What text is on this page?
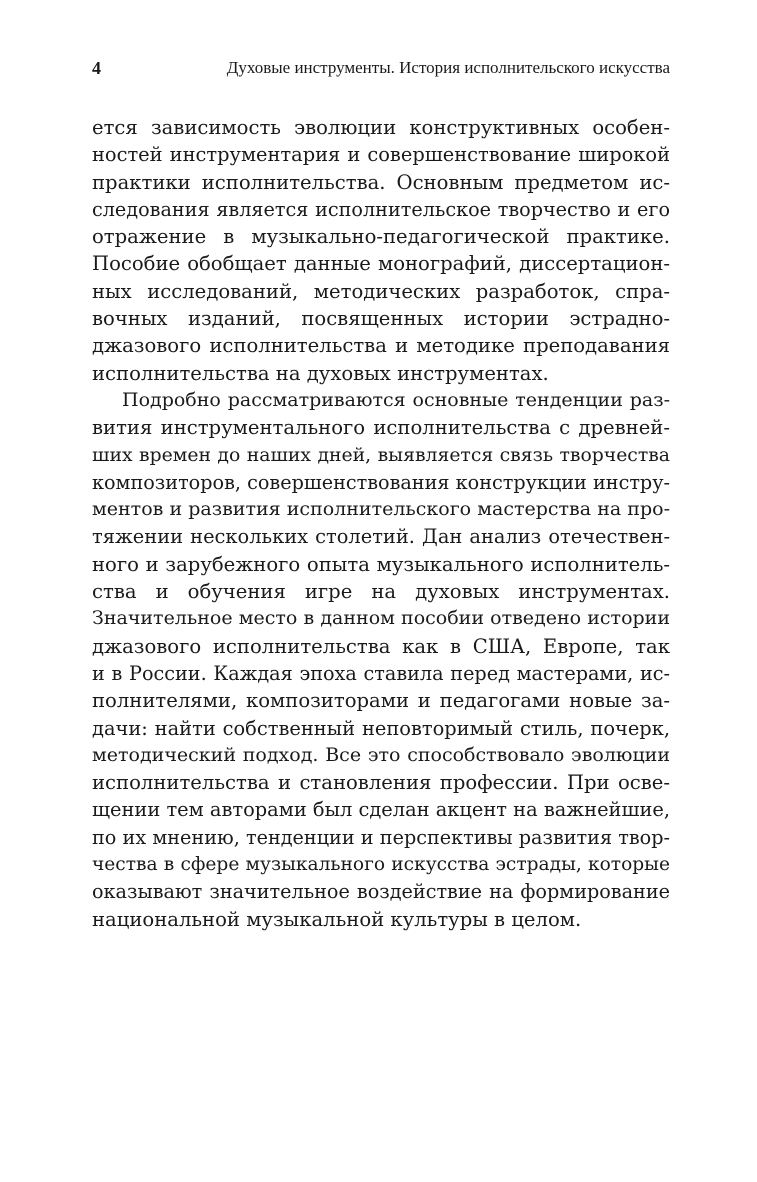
4	Духовые инструменты. История исполнительского искусства
ется зависимость эволюции конструктивных особен-
ностей инструментария и совершенствование широкой
практики исполнительства. Основным предметом ис-
следования является исполнительское творчество и его
отражение в музыкально-педагогической практике.
Пособие обобщает данные монографий, диссертацион-
ных исследований, методических разработок, спра-
вочных изданий, посвященных истории эстрадно-
джазового исполнительства и методике преподавания
исполнительства на духовых инструментах.
Подробно рассматриваются основные тенденции раз-
вития инструментального исполнительства с древней-
ших времен до наших дней, выявляется связь творчества
композиторов, совершенствования конструкции инстру-
ментов и развития исполнительского мастерства на про-
тяжении нескольких столетий. Дан анализ отечествен-
ного и зарубежного опыта музыкального исполнитель-
ства и обучения игре на духовых инструментах.
Значительное место в данном пособии отведено истории
джазового исполнительства как в США, Европе, так
и в России. Каждая эпоха ставила перед мастерами, ис-
полнителями, композиторами и педагогами новые за-
дачи: найти собственный неповторимый стиль, почерк,
методический подход. Все это способствовало эволюции
исполнительства и становления профессии. При осве-
щении тем авторами был сделан акцент на важнейшие,
по их мнению, тенденции и перспективы развития твор-
чества в сфере музыкального искусства эстрады, которые
оказывают значительное воздействие на формирование
национальной музыкальной культуры в целом.
